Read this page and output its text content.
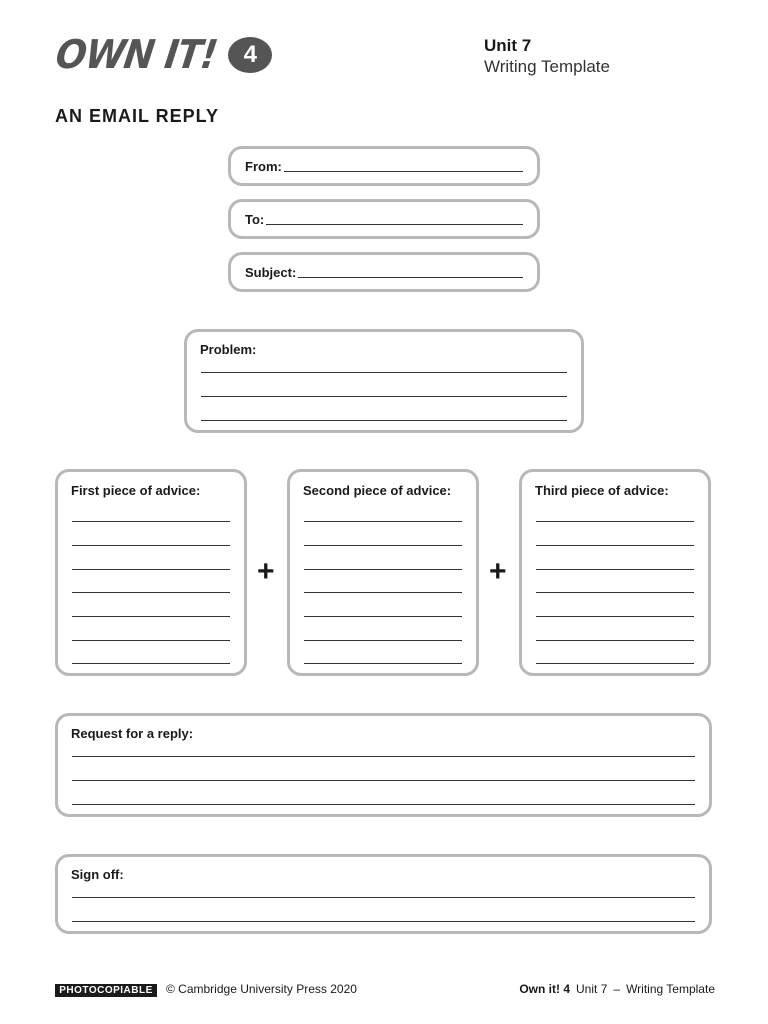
OWN IT!	4	Unit 7
Writing Template
AN EMAIL REPLY
From:
To:
Subject:
Problem:
First piece of advice:
+
Second piece of advice:
+
Third piece of advice:
Request for a reply:
Sign off:
PHOTOCOPIABLE	© Cambridge University Press 2020	Own it! 4 Unit 7 – Writing Template
